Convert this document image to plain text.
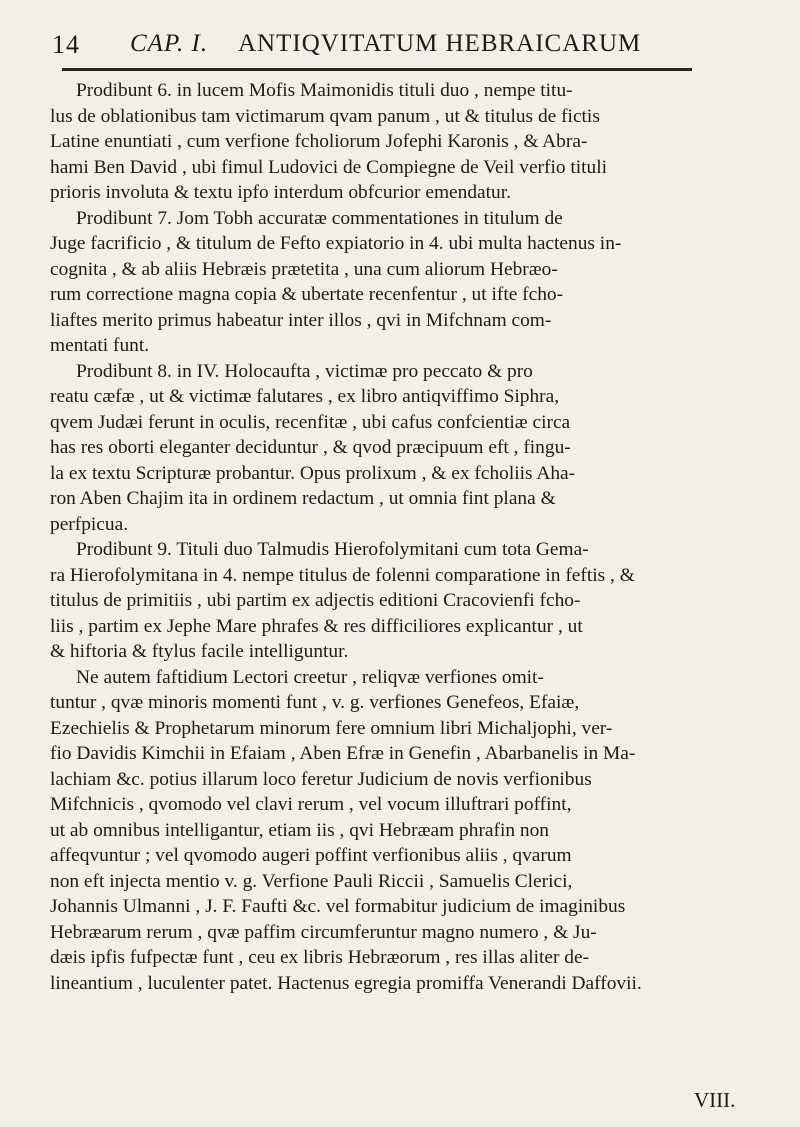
14 CAP. I. ANTIQVITATUM HEBRAICARUM

Prodibunt 6. in lucem Mofis Maimonidis tituli duo , nempe titu-
lus de oblationibus tam victimarum qvam panum , ut & titulus de fictis
Latine enuntiati , cum verfione fcholiorum Jofephi Karonis , & Abra-
hami Ben David , ubi fimul Ludovici de Compiegne de Veil verfio tituli
prioris involuta & textu ipfo interdum obfcurior emendatur.

Prodibunt 7. Jom Tobh accuratæ commentationes in titulum de
Juge facrificio , & titulum de Fefto expiatorio in 4. ubi multa hactenus in-
cognita , & ab aliis Hebræis prætetita , una cum aliorum Hebræo-
rum correctione magna copia & ubertate recenfentur , ut ifte fcho-
liaftes merito primus habeatur inter illos , qvi in Mifchnam com-
mentati funt.

Prodibunt 8. in IV. Holocaufta , victimæ pro peccato & pro
reatu cæfæ , ut & victimæ falutares , ex libro antiqviffimo Siphra,
qvem Judæi ferunt in oculis, recenfitæ , ubi cafus confcientiæ circa
has res oborti eleganter deciduntur , & qvod præcipuum eft , fingu-
la ex textu Scripturæ probantur. Opus prolixum , & ex fcholiis Aha-
ron Aben Chajim ita in ordinem redactum , ut omnia fint plana &
perfpicua.

Prodibunt 9. Tituli duo Talmudis Hierofolymitani cum tota Gema-
ra Hierofolymitana in 4. nempe titulus de folenni comparatione in feftis , &
titulus de primitiis , ubi partim ex adjectis editioni Cracovienfi fcho-
liis , partim ex Jephe Mare phrafes & res difficiliores explicantur , ut
& hiftoria & ftylus facile intelliguntur.

Ne autem faftidium Lectori creetur , reliqvæ verfiones omit-
tuntur , qvæ minoris momenti funt , v. g. verfiones Genefeos, Efaiæ,
Ezechielis & Prophetarum minorum fere omnium libri Michaljophi, ver-
fio Davidis Kimchii in Efaiam , Aben Efræ in Genefin , Abarbanelis in Ma-
lachiam &c. potius illarum loco feretur Judicium de novis verfionibus
Mifchnicis , qvomodo vel clavi rerum , vel vocum illuftrari poffint,
ut ab omnibus intelligantur, etiam iis , qvi Hebræam phrafin non
affeqvuntur ; vel qvomodo augeri poffint verfionibus aliis , qvarum
non eft injecta mentio v. g. Verfione Pauli Riccii , Samuelis Clerici,
Johannis Ulmanni , J. F. Faufti &c. vel formabitur judicium de imaginibus
Hebræarum rerum , qvæ paffim circumferuntur magno numero , & Ju-
dæis ipfis fufpectæ funt , ceu ex libris Hebræorum , res illas aliter de-
lineantium , luculenter patet. Hactenus egregia promiffa Venerandi Daffovii.

VIII.
